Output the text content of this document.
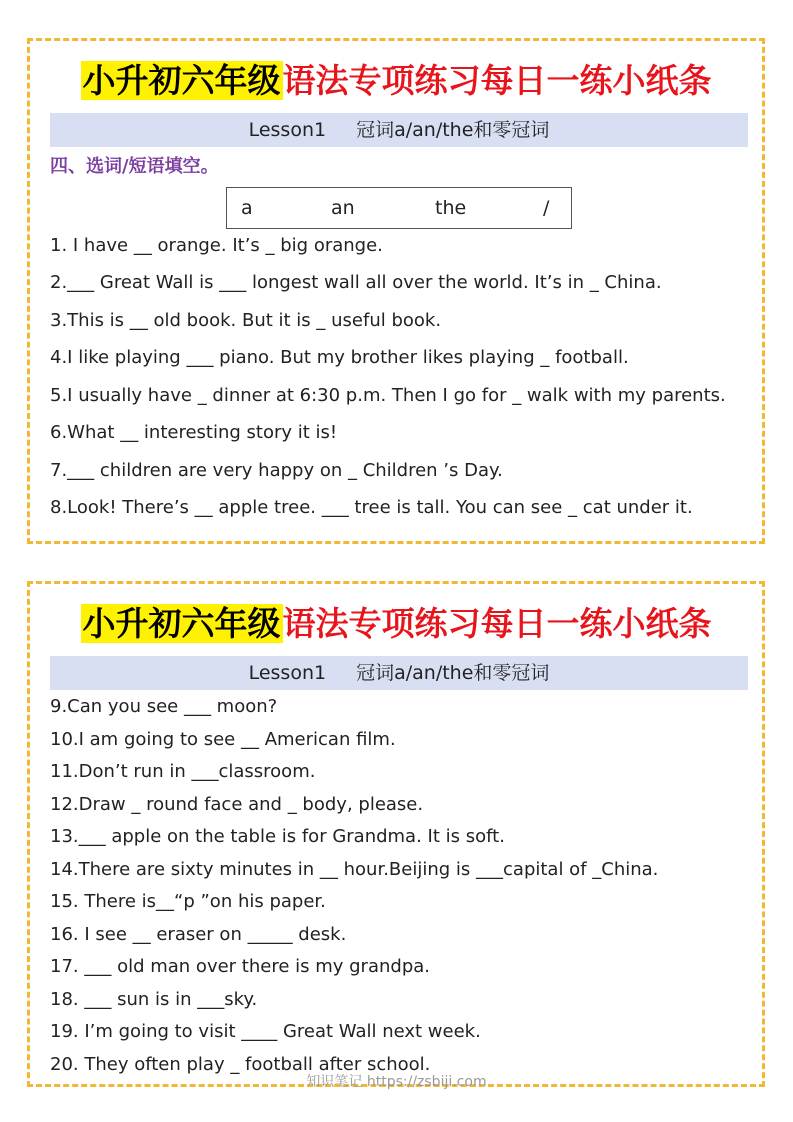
小升初六年级语法专项练习每日一练小纸条
Lesson1 冠词a/an/the和零冠词
四、选词/短语填空。
a	an	the	/
1. I have __ orange. It’s _ big orange.
2.___ Great Wall is ___ longest wall all over the world. It’s in _ China.
3.This is __ old book. But it is _ useful book.
4.I like playing ___ piano. But my brother likes playing _ football.
5.I usually have _ dinner at 6:30 p.m. Then I go for _ walk with my parents.
6.What __ interesting story it is!
7.___ children are very happy on _ Children ’s Day.
8.Look! There’s __ apple tree. ___ tree is tall. You can see _ cat under it.
小升初六年级语法专项练习每日一练小纸条
Lesson1 冠词a/an/the和零冠词
9.Can you see ___ moon?
10.I am going to see __ American film.
11.Don’t run in ___classroom.
12.Draw _ round face and _ body, please.
13.___ apple on the table is for Grandma. It is soft.
14.There are sixty minutes in __ hour.Beijing is ___capital of _China.
15. There is__“p ”on his paper.
16. I see __ eraser on _____ desk.
17. ___ old man over there is my grandpa.
18. ___ sun is in ___sky.
19. I’m going to visit ____ Great Wall next week.
20. They often play _ football after school.
知识笔记 https://zsbiji.com
